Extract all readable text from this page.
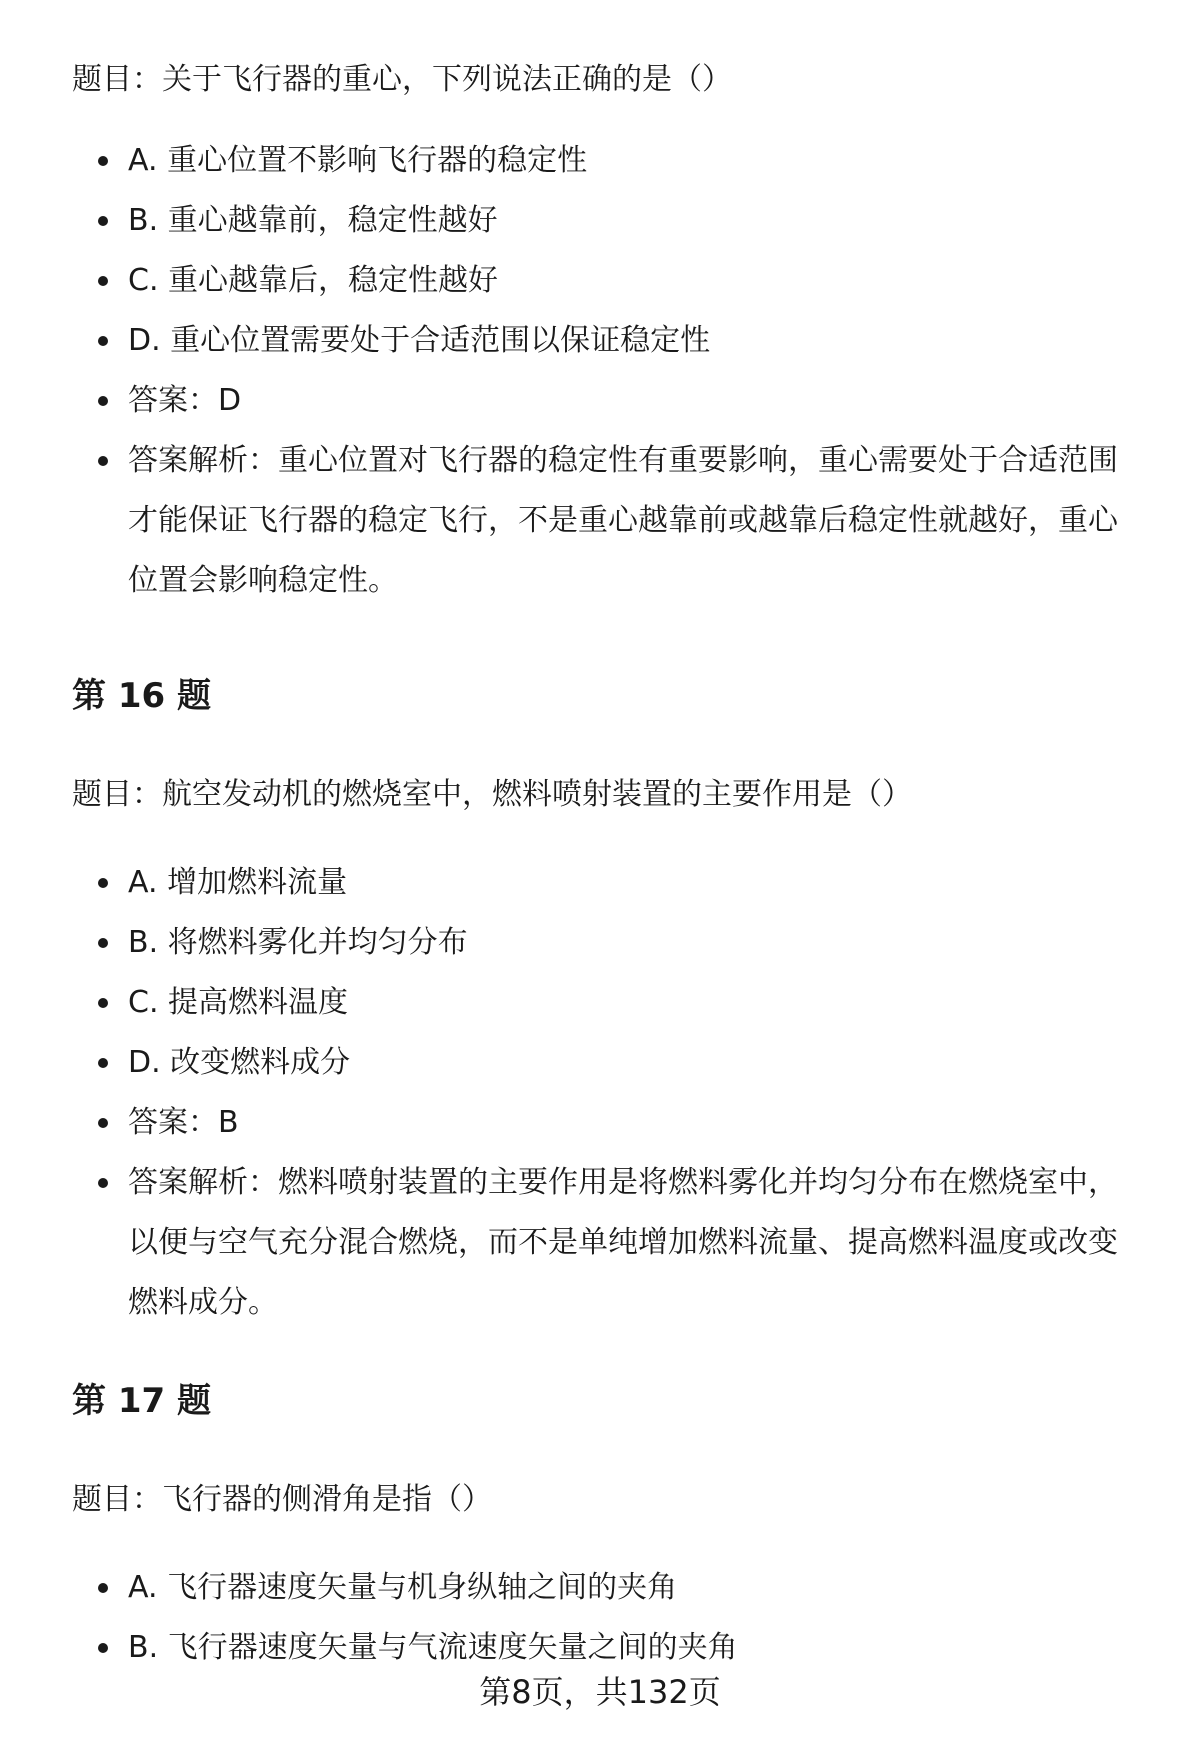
题目：关于飞行器的重心，下列说法正确的是（）

A. 重心位置不影响飞行器的稳定性
B. 重心越靠前，稳定性越好
C. 重心越靠后，稳定性越好
D. 重心位置需要处于合适范围以保证稳定性
答案：D
答案解析：重心位置对飞行器的稳定性有重要影响，重心需要处于合适范围才能保证飞行器的稳定飞行，不是重心越靠前或越靠后稳定性就越好，重心位置会影响稳定性。
第 16 题

题目：航空发动机的燃烧室中，燃料喷射装置的主要作用是（）

A. 增加燃料流量
B. 将燃料雾化并均匀分布
C. 提高燃料温度
D. 改变燃料成分
答案：B
答案解析：燃料喷射装置的主要作用是将燃料雾化并均匀分布在燃烧室中，以便与空气充分混合燃烧，而不是单纯增加燃料流量、提高燃料温度或改变燃料成分。
第 17 题

题目：飞行器的侧滑角是指（）

A. 飞行器速度矢量与机身纵轴之间的夹角
B. 飞行器速度矢量与气流速度矢量之间的夹角
第8页，共132页
